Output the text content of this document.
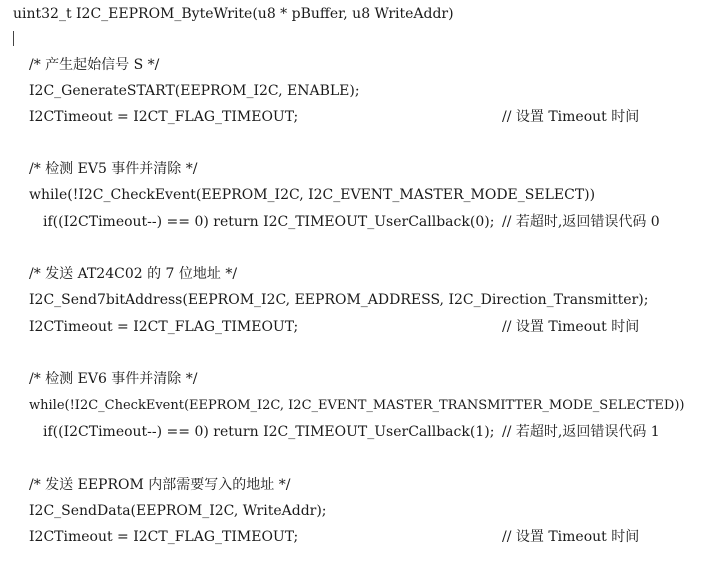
uint32_t I2C_EEPROM_ByteWrite(u8 * pBuffer, u8 WriteAddr)
/* 产生起始信号 S */
I2C_GenerateSTART(EEPROM_I2C, ENABLE);
I2CTimeout = I2CT_FLAG_TIMEOUT;	// 设置 Timeout 时间
/* 检测 EV5 事件并清除 */
while(!I2C_CheckEvent(EEPROM_I2C, I2C_EVENT_MASTER_MODE_SELECT))
if((I2CTimeout--) == 0) return I2C_TIMEOUT_UserCallback(0); // 若超时,返回错误代码 0
/* 发送 AT24C02 的 7 位地址 */
I2C_Send7bitAddress(EEPROM_I2C, EEPROM_ADDRESS, I2C_Direction_Transmitter);
I2CTimeout = I2CT_FLAG_TIMEOUT;	// 设置 Timeout 时间
/* 检测 EV6 事件并清除 */
while(!I2C_CheckEvent(EEPROM_I2C, I2C_EVENT_MASTER_TRANSMITTER_MODE_SELECTED))
if((I2CTimeout--) == 0) return I2C_TIMEOUT_UserCallback(1); // 若超时,返回错误代码 1
/* 发送 EEPROM 内部需要写入的地址 */
I2C_SendData(EEPROM_I2C, WriteAddr);
I2CTimeout = I2CT_FLAG_TIMEOUT;	// 设置 Timeout 时间
